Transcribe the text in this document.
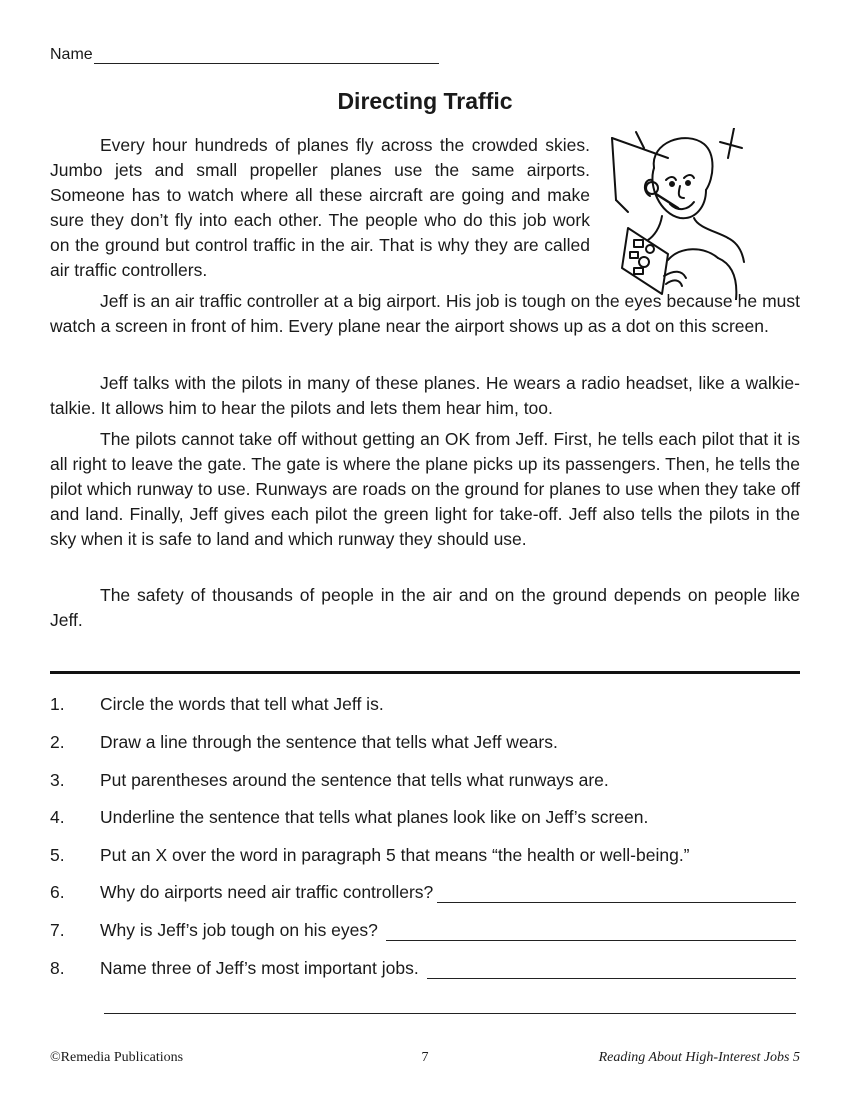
Name
Directing Traffic

Every hour hundreds of planes fly across the crowded skies. Jumbo jets and small propeller planes use the same airports. Someone has to watch where all these aircraft are going and make sure they don’t fly into each other. The people who do this job work on the ground but control traffic in the air. That is why they are called air traffic controllers.

Jeff is an air traffic controller at a big airport. His job is tough on the eyes because he must watch a screen in front of him. Every plane near the airport shows up as a dot on this screen.

Jeff talks with the pilots in many of these planes. He wears a radio headset, like a walkie-talkie. It allows him to hear the pilots and lets them hear him, too.

The pilots cannot take off without getting an OK from Jeff. First, he tells each pilot that it is all right to leave the gate. The gate is where the plane picks up its passengers. Then, he tells the pilot which runway to use. Runways are roads on the ground for planes to use when they take off and land. Finally, Jeff gives each pilot the green light for take-off. Jeff also tells the pilots in the sky when it is safe to land and which runway they should use.

The safety of thousands of people in the air and on the ground depends on people like Jeff.

1.	Circle the words that tell what Jeff is.
2.	Draw a line through the sentence that tells what Jeff wears.
3.	Put parentheses around the sentence that tells what runways are.
4.	Underline the sentence that tells what planes look like on Jeff’s screen.
5.	Put an X over the word in paragraph 5 that means “the health or well-being.”
6.	Why do airports need air traffic controllers?
7.	Why is Jeff’s job tough on his eyes?
8.	Name three of Jeff’s most important jobs.
©Remedia Publications	7	Reading About High-Interest Jobs 5
